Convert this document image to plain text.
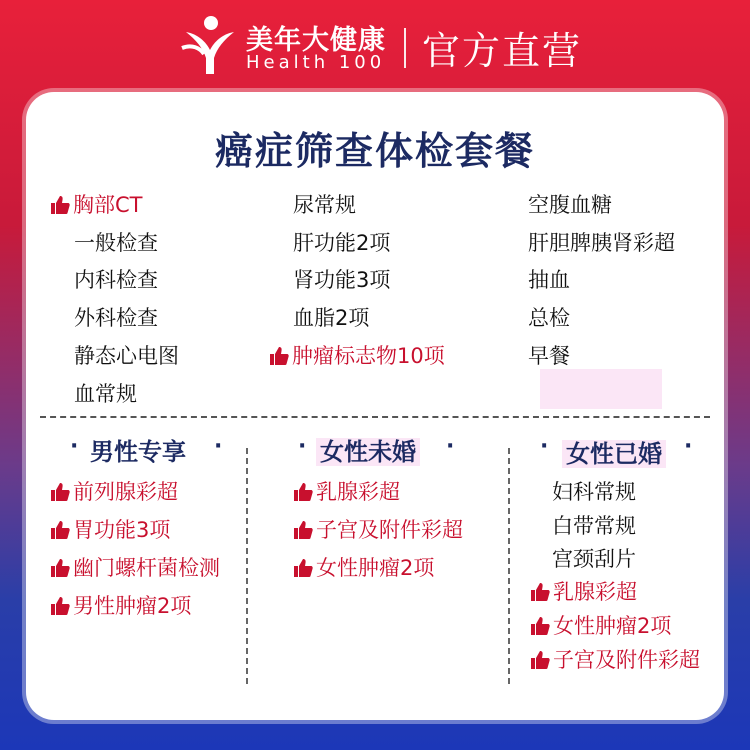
美年大健康
Health 100 官方直营
癌症筛查体检套餐
胸部CT
一般检查
内科检查
外科检查
静态心电图
血常规
尿常规
肝功能2项
肾功能3项
血脂2项
肿瘤标志物10项
空腹血糖
肝胆脾胰肾彩超
抽血
总检
早餐
· 男性专享 ·
前列腺彩超
胃功能3项
幽门螺杆菌检测
男性肿瘤2项
· 女性未婚 ·
乳腺彩超
子宫及附件彩超
女性肿瘤2项
· 女性已婚 ·
妇科常规
白带常规
宫颈刮片
乳腺彩超
女性肿瘤2项
子宫及附件彩超
